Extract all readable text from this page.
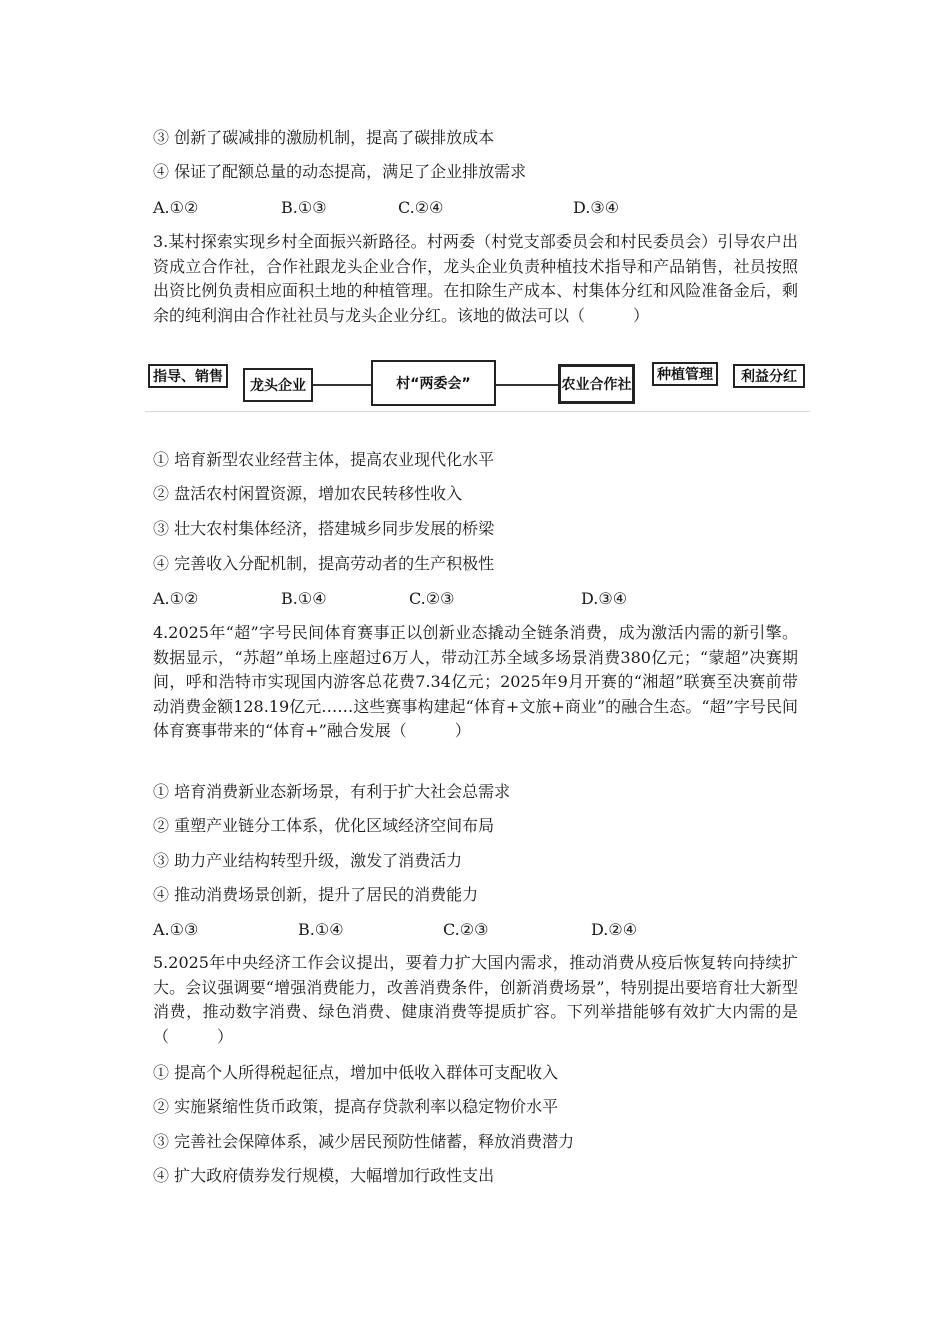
③ 创新了碳减排的激励机制，提高了碳排放成本
④ 保证了配额总量的动态提高，满足了企业排放需求
A.①②	B.①③	C.②④	D.③④
3.某村探索实现乡村全面振兴新路径。村两委（村党支部委员会和村民委员会）引导农户出资成立合作社，合作社跟龙头企业合作，龙头企业负责种植技术指导和产品销售，社员按照出资比例负责相应面积土地的种植管理。在扣除生产成本、村集体分红和风险准备金后，剩余的纯利润由合作社社员与龙头企业分红。该地的做法可以（　　　）
指导、销售
龙头企业	村“两委会”	农业合作社
种植管理	利益分红
① 培育新型农业经营主体，提高农业现代化水平
② 盘活农村闲置资源，增加农民转移性收入
③ 壮大农村集体经济，搭建城乡同步发展的桥梁
④ 完善收入分配机制，提高劳动者的生产积极性
A.①②	B.①④	C.②③	D.③④
4.2025年“超”字号民间体育赛事正以创新业态撬动全链条消费，成为激活内需的新引擎。数据显示，“苏超”单场上座超过6万人，带动江苏全域多场景消费380亿元；“蒙超”决赛期间，呼和浩特市实现国内游客总花费7.34亿元；2025年9月开赛的“湘超”联赛至决赛前带动消费金额128.19亿元……这些赛事构建起“体育+文旅+商业”的融合生态。“超”字号民间体育赛事带来的“体育+”融合发展（　　　）
① 培育消费新业态新场景，有利于扩大社会总需求
② 重塑产业链分工体系，优化区域经济空间布局
③ 助力产业结构转型升级，激发了消费活力
④ 推动消费场景创新，提升了居民的消费能力
A.①③	B.①④	C.②③	D.②④
5.2025年中央经济工作会议提出，要着力扩大国内需求，推动消费从疫后恢复转向持续扩大。会议强调要“增强消费能力，改善消费条件，创新消费场景”，特别提出要培育壮大新型消费，推动数字消费、绿色消费、健康消费等提质扩容。下列举措能够有效扩大内需的是（　　　）
① 提高个人所得税起征点，增加中低收入群体可支配收入
② 实施紧缩性货币政策，提高存贷款利率以稳定物价水平
③ 完善社会保障体系，减少居民预防性储蓄，释放消费潜力
④ 扩大政府债券发行规模，大幅增加行政性支出
